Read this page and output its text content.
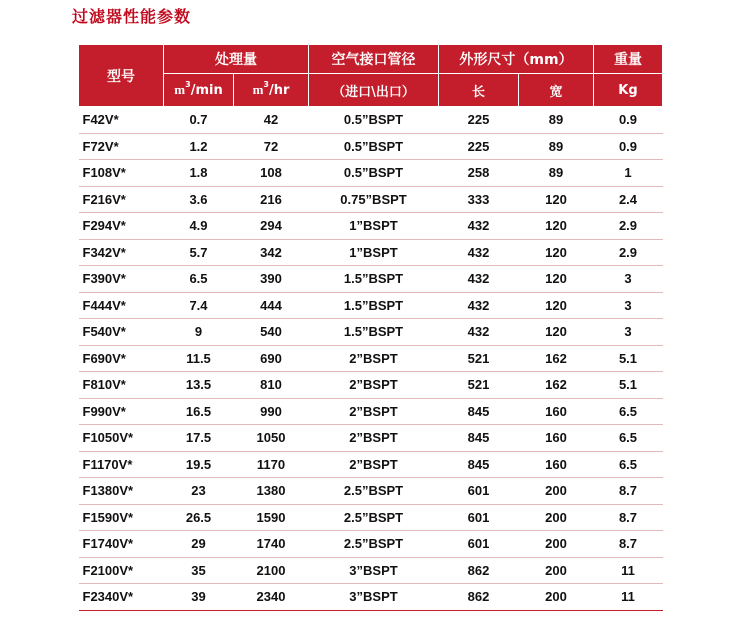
过滤器性能参数
型号	处理量		空气接口管径	外形尺寸（mm）		重量
	$m^3/\min$	$m^3/hr$	（进口\出口）	长	宽	Kg
F42V*	0.7	42	0.5”BSPT	225	89	0.9
F72V*	1.2	72	0.5”BSPT	225	89	0.9
F108V*	1.8	108	0.5”BSPT	258	89	1
F216V*	3.6	216	0.75”BSPT	333	120	2.4
F294V*	4.9	294	1”BSPT	432	120	2.9
F342V*	5.7	342	1”BSPT	432	120	2.9
F390V*	6.5	390	1.5”BSPT	432	120	3
F444V*	7.4	444	1.5”BSPT	432	120	3
F540V*	9	540	1.5”BSPT	432	120	3
F690V*	11.5	690	2”BSPT	521	162	5.1
F810V*	13.5	810	2”BSPT	521	162	5.1
F990V*	16.5	990	2”BSPT	845	160	6.5
F1050V*	17.5	1050	2”BSPT	845	160	6.5
F1170V*	19.5	1170	2”BSPT	845	160	6.5
F1380V*	23	1380	2.5”BSPT	601	200	8.7
F1590V*	26.5	1590	2.5”BSPT	601	200	8.7
F1740V*	29	1740	2.5”BSPT	601	200	8.7
F2100V*	35	2100	3”BSPT	862	200	11
F2340V*	39	2340	3”BSPT	862	200	11
